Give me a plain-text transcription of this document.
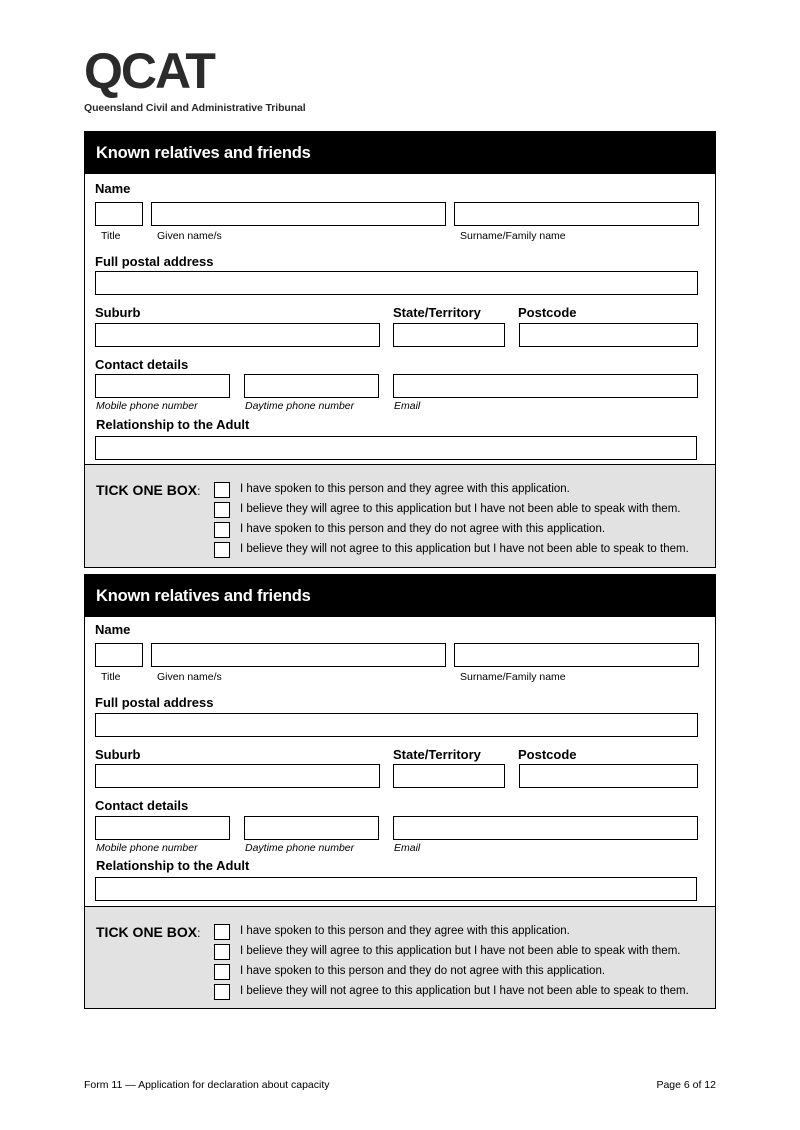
QCAT
Queensland Civil and Administrative Tribunal
Known relatives and friends
Name
Title	Given name/s	Surname/Family name
Full postal address
Suburb	State/Territory	Postcode
Contact details
Mobile phone number	Daytime phone number	Email
Relationship to the Adult
TICK ONE BOX:	I have spoken to this person and they agree with this application.
I believe they will agree to this application but I have not been able to speak with them.
I have spoken to this person and they do not agree with this application.
I believe they will not agree to this application but I have not been able to speak to them.
Known relatives and friends
Name
Title	Given name/s	Surname/Family name
Full postal address
Suburb	State/Territory	Postcode
Contact details
Mobile phone number	Daytime phone number	Email
Relationship to the Adult
TICK ONE BOX:	I have spoken to this person and they agree with this application.
I believe they will agree to this application but I have not been able to speak with them.
I have spoken to this person and they do not agree with this application.
I believe they will not agree to this application but I have not been able to speak to them.
Form 11 — Application for declaration about capacity	Page 6 of 12
